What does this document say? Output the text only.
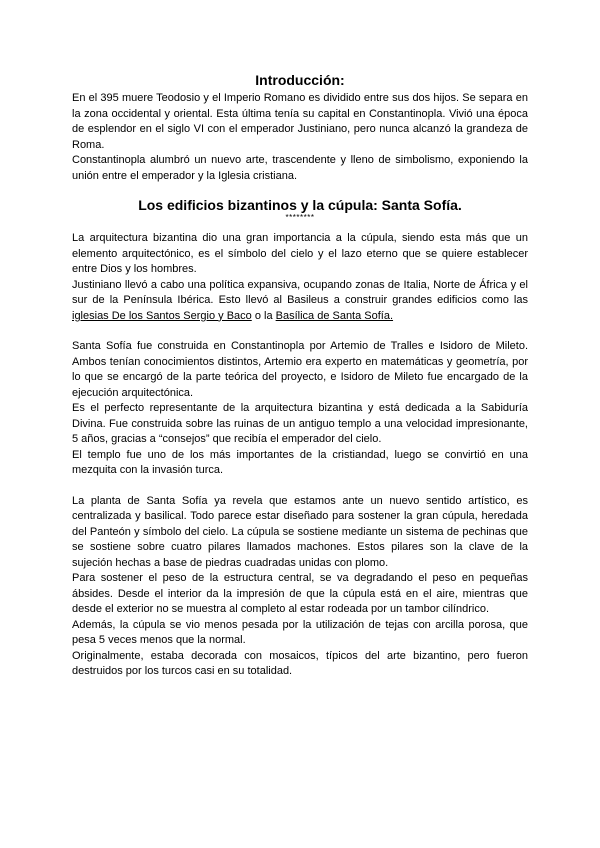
Introducción:

En el 395 muere Teodosio y el Imperio Romano es dividido entre sus dos hijos. Se separa en la zona occidental y oriental. Esta última tenía su capital en Constantinopla. Vivió una época de esplendor en el siglo VI con el emperador Justiniano, pero nunca alcanzó la grandeza de Roma.

Constantinopla alumbró un nuevo arte, trascendente y lleno de simbolismo, exponiendo la unión entre el emperador y la Iglesia cristiana.

Los edificios bizantinos y la cúpula: Santa Sofía.
********

La arquitectura bizantina dio una gran importancia a la cúpula, siendo esta más que un elemento arquitectónico, es el símbolo del cielo y el lazo eterno que se quiere establecer entre Dios y los hombres.

Justiniano llevó a cabo una política expansiva, ocupando zonas de Italia, Norte de África y el sur de la Península Ibérica. Esto llevó al Basileus a construir grandes edificios como las iglesias De los Santos Sergio y Baco o la Basílica de Santa Sofía.

Santa Sofía fue construida en Constantinopla por Artemio de Tralles e Isidoro de Mileto. Ambos tenían conocimientos distintos, Artemio era experto en matemáticas y geometría, por lo que se encargó de la parte teórica del proyecto, e Isidoro de Mileto fue encargado de la ejecución arquitectónica.

Es el perfecto representante de la arquitectura bizantina y está dedicada a la Sabiduría Divina. Fue construida sobre las ruinas de un antiguo templo a una velocidad impresionante, 5 años, gracias a “consejos” que recibía el emperador del cielo.

El templo fue uno de los más importantes de la cristiandad, luego se convirtió en una mezquita con la invasión turca.

La planta de Santa Sofía ya revela que estamos ante un nuevo sentido artístico, es centralizada y basilical. Todo parece estar diseñado para sostener la gran cúpula, heredada del Panteón y símbolo del cielo. La cúpula se sostiene mediante un sistema de pechinas que se sostiene sobre cuatro pilares llamados machones. Estos pilares son la clave de la sujeción hechas a base de piedras cuadradas unidas con plomo.

Para sostener el peso de la estructura central, se va degradando el peso en pequeñas ábsides. Desde el interior da la impresión de que la cúpula está en el aire, mientras que desde el exterior no se muestra al completo al estar rodeada por un tambor cilíndrico.

Además, la cúpula se vio menos pesada por la utilización de tejas con arcilla porosa, que pesa 5 veces menos que la normal.

Originalmente, estaba decorada con mosaicos, típicos del arte bizantino, pero fueron destruidos por los turcos casi en su totalidad.
